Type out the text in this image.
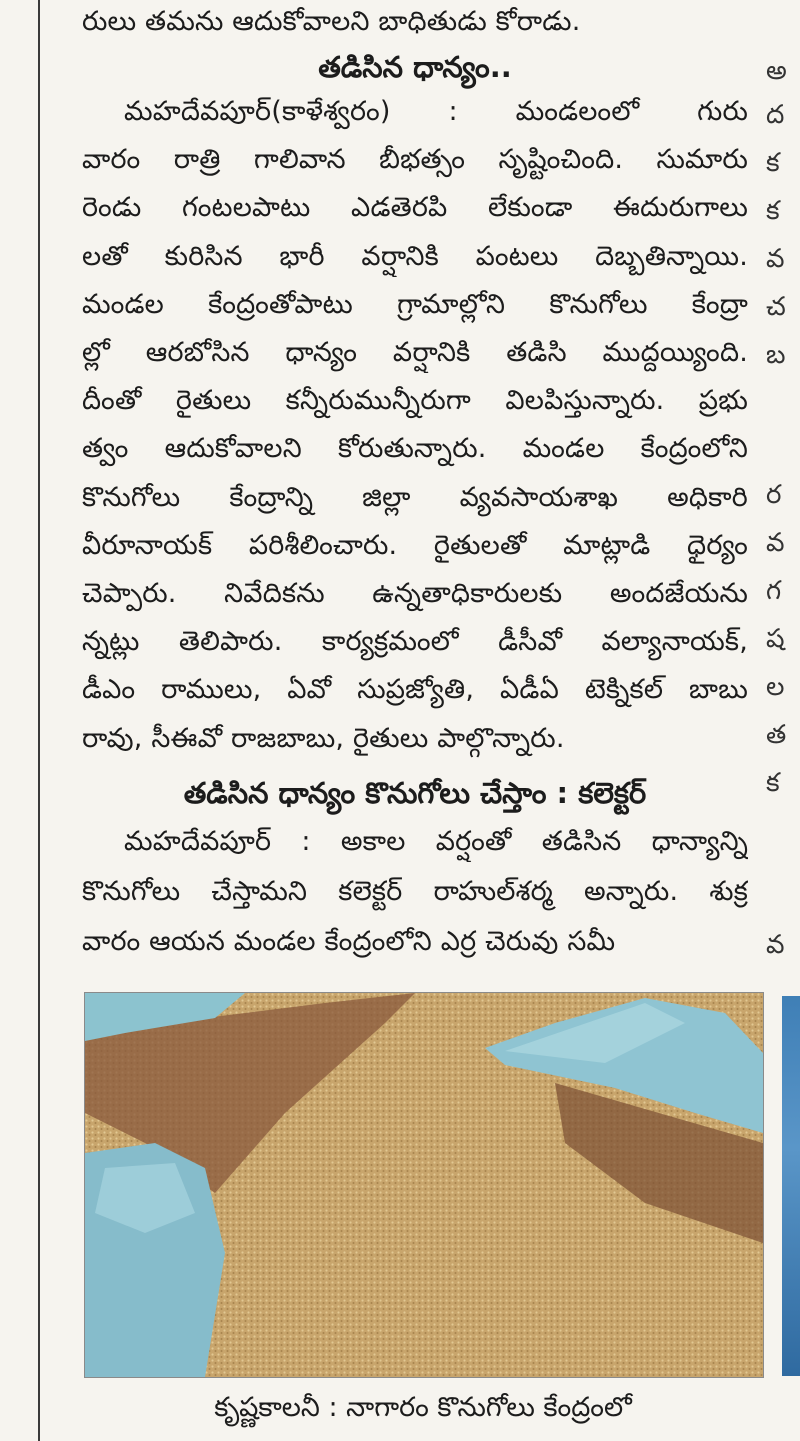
రులు తమను ఆదుకోవాలని బాధితుడు కోరాడు.
తడిసిన ధాన్యం..
మహదేవపూర్(కాళేశ్వరం) : మండలంలో గురు
వారం రాత్రి గాలివాన బీభత్సం సృష్టించింది. సుమారు
రెండు గంటలపాటు ఎడతెరపి లేకుండా ఈదురుగాలు
లతో కురిసిన భారీ వర్షానికి పంటలు దెబ్బతిన్నాయి.
మండల కేంద్రంతోపాటు గ్రామాల్లోని కొనుగోలు కేంద్రా
ల్లో ఆరబోసిన ధాన్యం వర్షానికి తడిసి ముద్దయ్యింది.
దీంతో రైతులు కన్నీరుమున్నీరుగా విలపిస్తున్నారు. ప్రభు
త్వం ఆదుకోవాలని కోరుతున్నారు. మండల కేంద్రంలోని
కొనుగోలు కేంద్రాన్ని జిల్లా వ్యవసాయశాఖ అధికారి
వీరూనాయక్ పరిశీలించారు. రైతులతో మాట్లాడి ధైర్యం
చెప్పారు. నివేదికను ఉన్నతాధికారులకు అందజేయను
న్నట్లు తెలిపారు. కార్యక్రమంలో డీసీవో వల్యానాయక్,
డీఎం రాములు, ఏవో సుప్రజ్యోతి, ఏడీఏ టెక్నికల్ బాబు
రావు, సీఈవో రాజబాబు, రైతులు పాల్గొన్నారు.
తడిసిన ధాన్యం కొనుగోలు చేస్తాం : కలెక్టర్
మహదేవపూర్ : అకాల వర్షంతో తడిసిన ధాన్యాన్ని
కొనుగోలు చేస్తామని కలెక్టర్ రాహుల్‌శర్మ అన్నారు. శుక్ర
వారం ఆయన మండల కేంద్రంలోని ఎర్ర చెరువు సమీ
అ
ద
క
క
వ
చ
బ
ర
వ
గ
ష
ల
త
క
వ
కృష్ణకాలనీ : నాగారం కొనుగోలు కేంద్రంలో
